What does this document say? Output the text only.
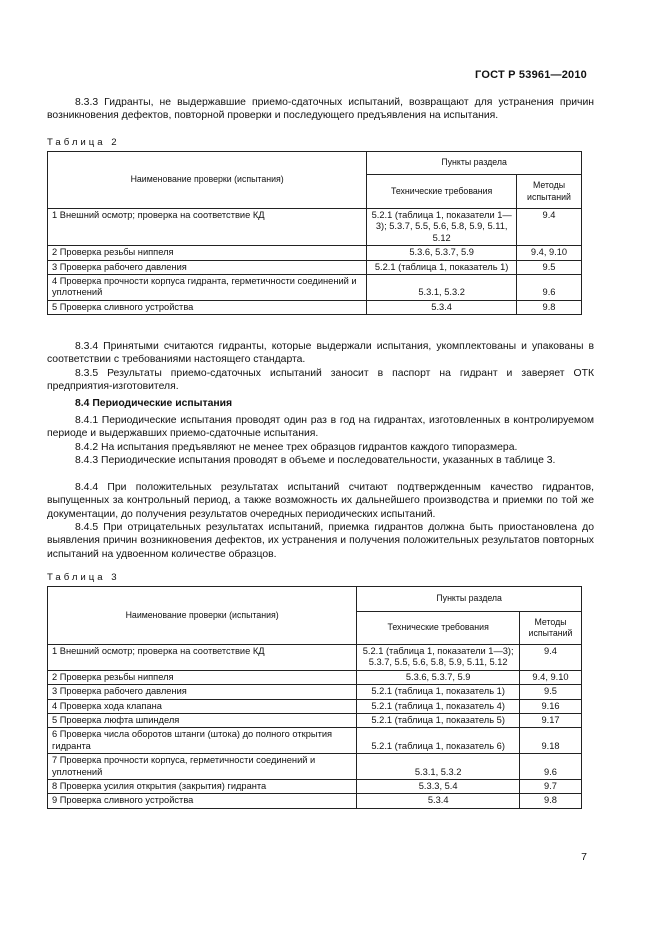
ГОСТ Р 53961—2010

8.3.3 Гидранты, не выдержавшие приемо-сдаточных испытаний, возвращают для устранения причин возникновения дефектов, повторной проверки и последующего предъявления на испытания.

Таблица 2

Наименование проверки (испытания)	Пункты раздела	
	Технические требования	Методы испытаний
1 Внешний осмотр; проверка на соответствие КД	5.2.1 (таблица 1, показатели 1—3); 5.3.7, 5.5, 5.6, 5.8, 5.9, 5.11, 5.12	9.4
2 Проверка резьбы ниппеля	5.3.6, 5.3.7, 5.9	9.4, 9.10
3 Проверка рабочего давления	5.2.1 (таблица 1, показатель 1)	9.5
4 Проверка прочности корпуса гидранта, герметичности соединений и уплотнений	5.3.1, 5.3.2	9.6
5 Проверка сливного устройства	5.3.4	9.8

8.3.4 Принятыми считаются гидранты, которые выдержали испытания, укомплектованы и упакованы в соответствии с требованиями настоящего стандарта.

8.3.5 Результаты приемо-сдаточных испытаний заносит в паспорт на гидрант и заверяет ОТК предприятия-изготовителя.

8.4 Периодические испытания

8.4.1 Периодические испытания проводят один раз в год на гидрантах, изготовленных в контролируемом периоде и выдержавших приемо-сдаточные испытания.

8.4.2 На испытания предъявляют не менее трех образцов гидрантов каждого типоразмера.

8.4.3 Периодические испытания проводят в объеме и последовательности, указанных в таблице 3.

8.4.4 При положительных результатах испытаний считают подтвержденным качество гидрантов, выпущенных за контрольный период, а также возможность их дальнейшего производства и приемки по той же документации, до получения результатов очередных периодических испытаний.

8.4.5 При отрицательных результатах испытаний, приемка гидрантов должна быть приостановлена до выявления причин возникновения дефектов, их устранения и получения положительных результатов повторных испытаний на удвоенном количестве образцов.

Таблица 3

Наименование проверки (испытания)	Пункты раздела	
	Технические требования	Методы испытаний
1 Внешний осмотр; проверка на соответствие КД	5.2.1 (таблица 1, показатели 1—3); 5.3.7, 5.5, 5.6, 5.8, 5.9, 5.11, 5.12	9.4
2 Проверка резьбы ниппеля	5.3.6, 5.3.7, 5.9	9.4, 9.10
3 Проверка рабочего давления	5.2.1 (таблица 1, показатель 1)	9.5
4 Проверка хода клапана	5.2.1 (таблица 1, показатель 4)	9.16
5 Проверка люфта шпинделя	5.2.1 (таблица 1, показатель 5)	9.17
6 Проверка числа оборотов штанги (штока) до полного открытия гидранта	5.2.1 (таблица 1, показатель 6)	9.18
7 Проверка прочности корпуса, герметичности соединений и уплотнений	5.3.1, 5.3.2	9.6
8 Проверка усилия открытия (закрытия) гидранта	5.3.3, 5.4	9.7
9 Проверка сливного устройства	5.3.4	9.8
7
